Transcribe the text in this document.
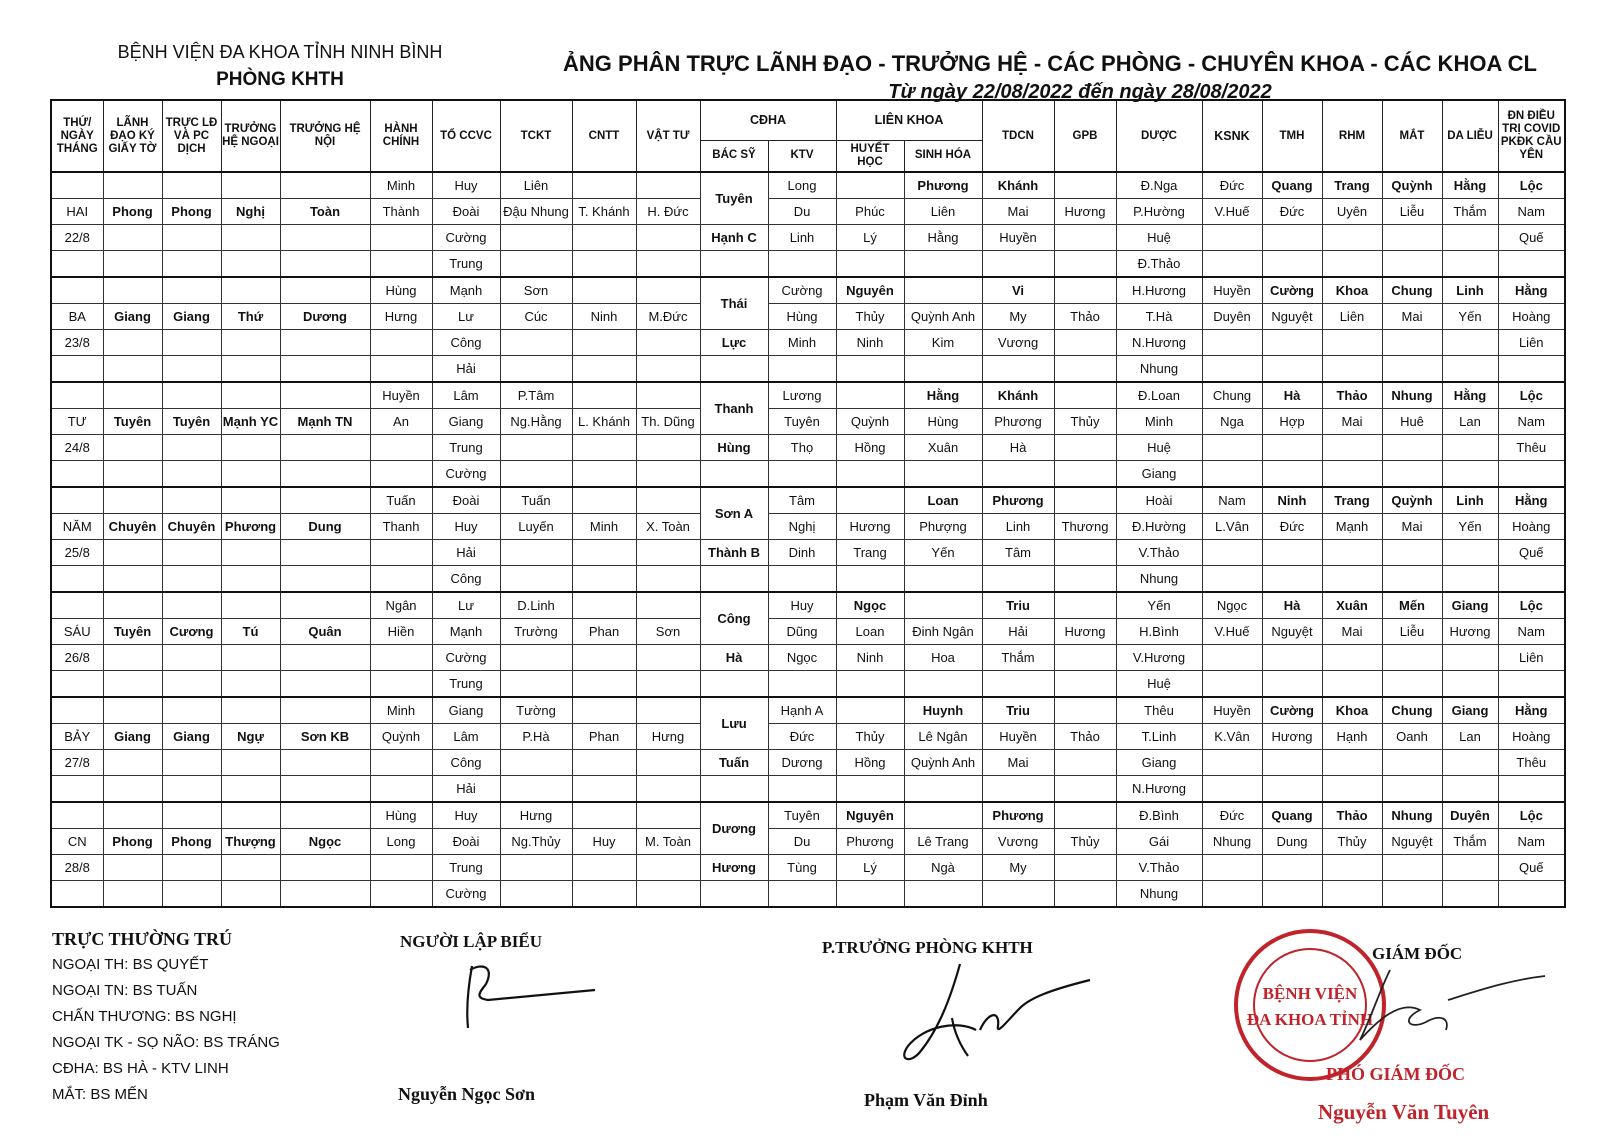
BỆNH VIỆN ĐA KHOA TỈNH NINH BÌNH
PHÒNG KHTH
ẢNG PHÂN TRỰC LÃNH ĐẠO - TRƯỞNG HỆ - CÁC PHÒNG - CHUYÊN KHOA - CÁC KHOA CL
Từ ngày 22/08/2022 đến ngày 28/08/2022
THỨ/ NGÀY THÁNG	LÃNH ĐẠO KÝ GIẤY TỜ	TRỰC LĐ VÀ PC DỊCH	TRƯỞNG HỆ NGOẠI	TRƯỞNG HỆ NỘI	HÀNH CHÍNH	TỔ CCVC	TCKT	CNTT	VẬT TƯ	CĐHA		LIÊN KHOA		TDCN	GPB	DƯỢC	KSNK	TMH	RHM	MẮT	DA LIỄU	ĐN ĐIỀU TRỊ COVID PKĐK CẦU YÊN
										BÁC SỸ	KTV	HUYẾT HỌC	SINH HÓA									
					Minh	Huy	Liên			Tuyên	Long		Phương	Khánh		Đ.Nga	Đức	Quang	Trang	Quỳnh	Hằng	Lộc
HAI	Phong	Phong	Nghị	Toàn	Thành	Đoài	Đậu Nhung	T. Khánh	H. Đức		Du	Phúc	Liên	Mai	Hương	P.Hường	V.Huế	Đức	Uyên	Liễu	Thắm	Nam
22/8						Cường				Hạnh C	Linh	Lý	Hằng	Huyền		Huệ						Quế
						Trung										Đ.Thảo						
					Hùng	Mạnh	Sơn			Thái	Cường	Nguyên		Vi		H.Hương	Huyền	Cường	Khoa	Chung	Linh	Hằng
BA	Giang	Giang	Thứ	Dương	Hưng	Lư	Cúc	Ninh	M.Đức		Hùng	Thủy	Quỳnh Anh	My	Thảo	T.Hà	Duyên	Nguyệt	Liên	Mai	Yến	Hoàng
23/8						Công				Lực	Minh	Ninh	Kim	Vương		N.Hương						Liên
						Hải										Nhung						
					Huyền	Lâm	P.Tâm			Thanh	Lương		Hằng	Khánh		Đ.Loan	Chung	Hà	Thảo	Nhung	Hằng	Lộc
TƯ	Tuyên	Tuyên	Mạnh YC	Mạnh TN	An	Giang	Ng.Hằng	L. Khánh	Th. Dũng		Tuyên	Quỳnh	Hùng	Phương	Thủy	Minh	Nga	Hợp	Mai	Huê	Lan	Nam
24/8						Trung				Hùng	Thọ	Hồng	Xuân	Hà		Huệ						Thêu
						Cường										Giang						
					Tuấn	Đoài	Tuấn			Sơn A	Tâm		Loan	Phương		Hoài	Nam	Ninh	Trang	Quỳnh	Linh	Hằng
NĂM	Chuyên	Chuyên	Phương	Dung	Thanh	Huy	Luyến	Minh	X. Toàn		Nghị	Hương	Phượng	Linh	Thương	Đ.Hường	L.Vân	Đức	Mạnh	Mai	Yến	Hoàng
25/8						Hải				Thành B	Dinh	Trang	Yến	Tâm		V.Thảo						Quế
						Công										Nhung						
					Ngân	Lư	D.Linh			Công	Huy	Ngọc		Triu		Yến	Ngọc	Hà	Xuân	Mến	Giang	Lộc
SÁU	Tuyên	Cương	Tú	Quân	Hiền	Mạnh	Trường	Phan	Sơn		Dũng	Loan	Đinh Ngân	Hải	Hương	H.Bình	V.Huế	Nguyệt	Mai	Liễu	Hương	Nam
26/8						Cường				Hà	Ngọc	Ninh	Hoa	Thắm		V.Hương						Liên
						Trung										Huệ						
					Minh	Giang	Tường			Lưu	Hạnh A		Huynh	Triu		Thêu	Huyền	Cường	Khoa	Chung	Giang	Hằng
BẢY	Giang	Giang	Ngự	Sơn KB	Quỳnh	Lâm	P.Hà	Phan	Hưng		Đức	Thủy	Lê Ngân	Huyền	Thảo	T.Linh	K.Vân	Hương	Hạnh	Oanh	Lan	Hoàng
27/8						Công				Tuấn	Dương	Hồng	Quỳnh Anh	Mai		Giang						Thêu
						Hải										N.Hương						
					Hùng	Huy	Hưng			Dương	Tuyên	Nguyên		Phương		Đ.Bình	Đức	Quang	Thảo	Nhung	Duyên	Lộc
CN	Phong	Phong	Thượng	Ngọc	Long	Đoài	Ng.Thủy	Huy	M. Toàn		Du	Phương	Lê Trang	Vương	Thủy	Gái	Nhung	Dung	Thủy	Nguyệt	Thắm	Nam
28/8						Trung				Hương	Tùng	Lý	Ngà	My		V.Thảo						Quế
						Cường										Nhung						
TRỰC THƯỜNG TRÚ
NGOẠI TH: BS QUYẾT
NGOẠI TN: BS TUẤN
CHẤN THƯƠNG: BS NGHỊ
NGOẠI TK - SỌ NÃO: BS TRÁNG
CĐHA: BS HÀ - KTV LINH
MẮT: BS MẾN
NGƯỜI LẬP BIỂU
Nguyễn Ngọc Sơn
P.TRƯỞNG PHÒNG KHTH
Phạm Văn Đỉnh
BỆNH VIỆN
ĐA KHOA TỈNH
GIÁM ĐỐC
PHÓ GIÁM ĐỐC
Nguyễn Văn Tuyên
